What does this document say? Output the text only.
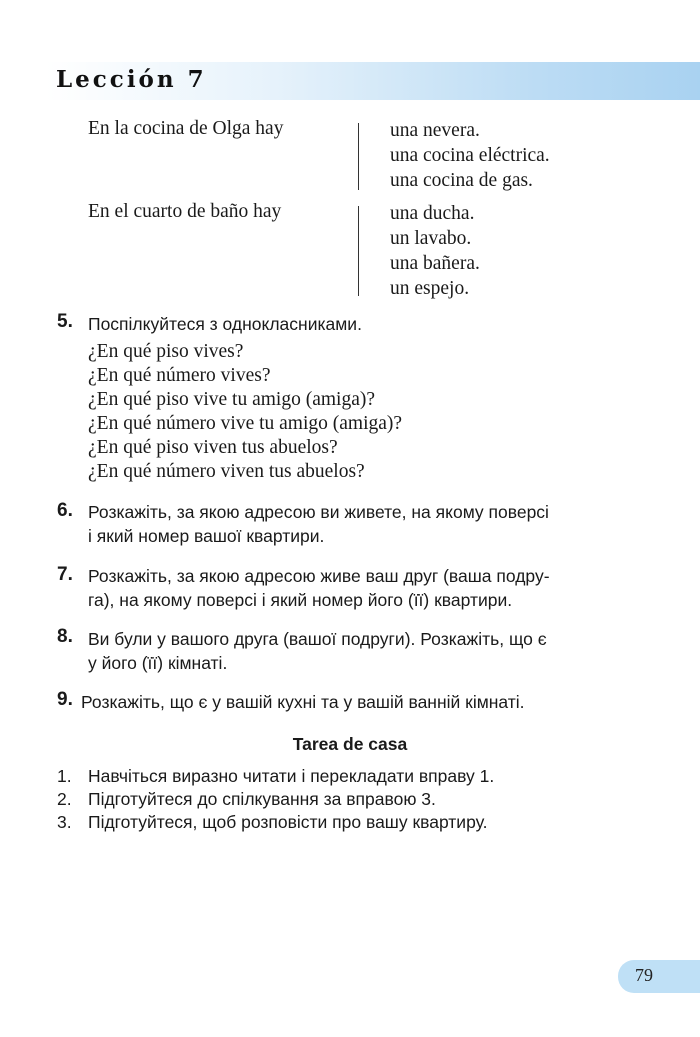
Lección 7
En la cocina de Olga hay	una nevera.
una cocina eléctrica.
una cocina de gas.
En el cuarto de baño hay	una ducha.
un lavabo.
una bañera.
un espejo.
5. Поспілкуйтеся з однокласниками.
¿En qué piso vives?
¿En qué número vives?
¿En qué piso vive tu amigo (amiga)?
¿En qué número vive tu amigo (amiga)?
¿En qué piso viven tus abuelos?
¿En qué número viven tus abuelos?
6. Розкажіть, за якою адресою ви живете, на якому поверсі
і який номер вашої квартири.
7. Розкажіть, за якою адресою живе ваш друг (ваша подру-
га), на якому поверсі і який номер його (її) квартири.
8. Ви були у вашого друга (вашої подруги). Розкажіть, що є
у його (її) кімнаті.
9. Розкажіть, що є у вашій кухні та у вашій ванній кімнаті.
Tarea de casa
1. Навчіться виразно читати і перекладати вправу 1.
2. Підготуйтеся до спілкування за вправою 3.
3. Підготуйтеся, щоб розповісти про вашу квартиру.
79
